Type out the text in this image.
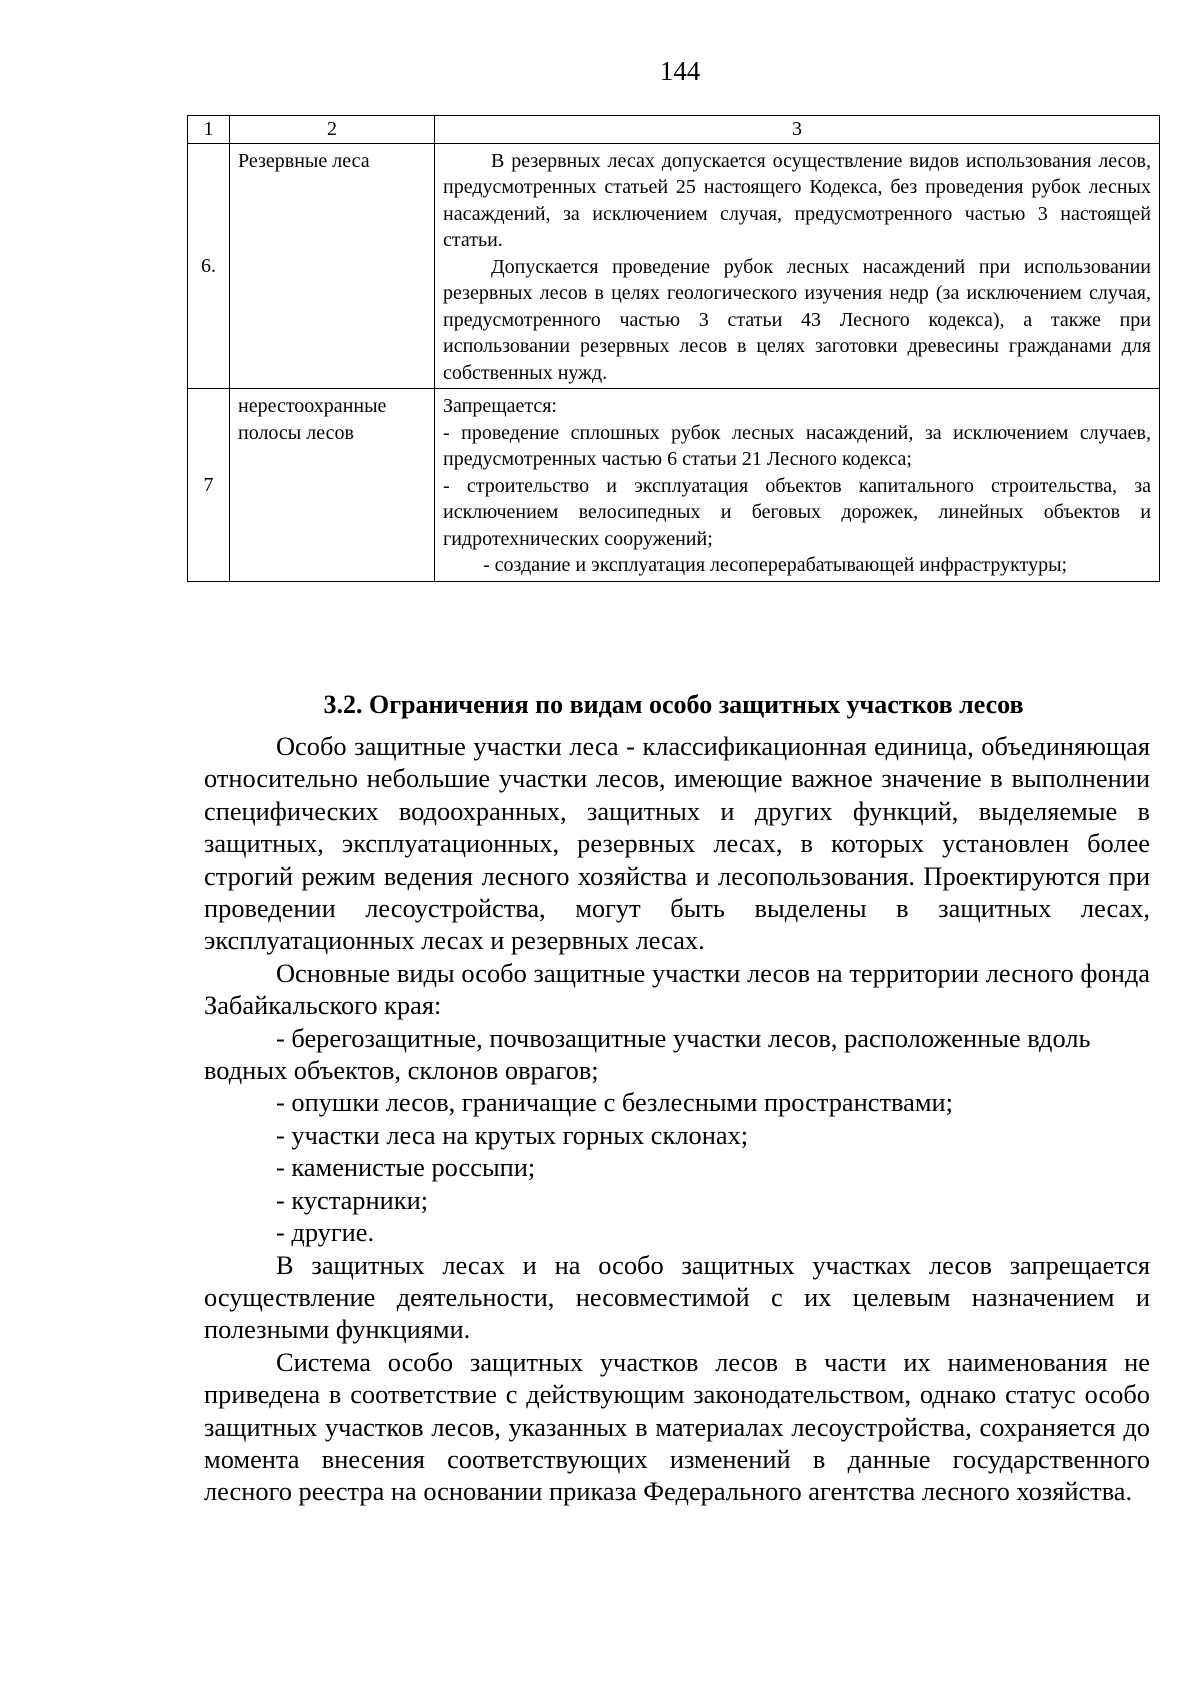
144
1	2	3
6.	Резервные леса	В резервных лесах допускается осуществление видов использования лесов, предусмотренных статьей 25 настоящего Кодекса, без проведения рубок лесных насаждений, за исключением случая, предусмотренного частью 3 настоящей статьи.

Допускается проведение рубок лесных насаждений при использовании резервных лесов в целях геологического изучения недр (за исключением случая, предусмотренного частью 3 статьи 43 Лесного кодекса), а также при использовании резервных лесов в целях заготовки древесины гражданами для собственных нужд.

7	нерестоохранные полосы лесов	Запрещается:

- проведение сплошных рубок лесных насаждений, за исключением случаев, предусмотренных частью 6 статьи 21 Лесного кодекса;

- строительство и эксплуатация объектов капитального строительства, за исключением велосипедных и беговых дорожек, линейных объектов и гидротехнических сооружений;

- создание и эксплуатация лесоперерабатывающей инфраструктуры;

3.2. Ограничения по видам особо защитных участков лесов

Особо защитные участки леса - классификационная единица, объединяющая относительно небольшие участки лесов, имеющие важное значение в выполнении специфических водоохранных, защитных и других функций, выделяемые в защитных, эксплуатационных, резервных лесах, в которых установлен более строгий режим ведения лесного хозяйства и лесопользования. Проектируются при проведении лесоустройства, могут быть выделены в защитных лесах, эксплуатационных лесах и резервных лесах.

Основные виды особо защитные участки лесов на территории лесного фонда Забайкальского края:

- берегозащитные, почвозащитные участки лесов, расположенные вдоль водных объектов, склонов оврагов;

- опушки лесов, граничащие с безлесными пространствами;

- участки леса на крутых горных склонах;

- каменистые россыпи;

- кустарники;

- другие.

В защитных лесах и на особо защитных участках лесов запрещается осуществление деятельности, несовместимой с их целевым назначением и полезными функциями.

Система особо защитных участков лесов в части их наименования не приведена в соответствие с действующим законодательством, однако статус особо защитных участков лесов, указанных в материалах лесоустройства, сохраняется до момента внесения соответствующих изменений в данные государственного лесного реестра на основании приказа Федерального агентства лесного хозяйства.
